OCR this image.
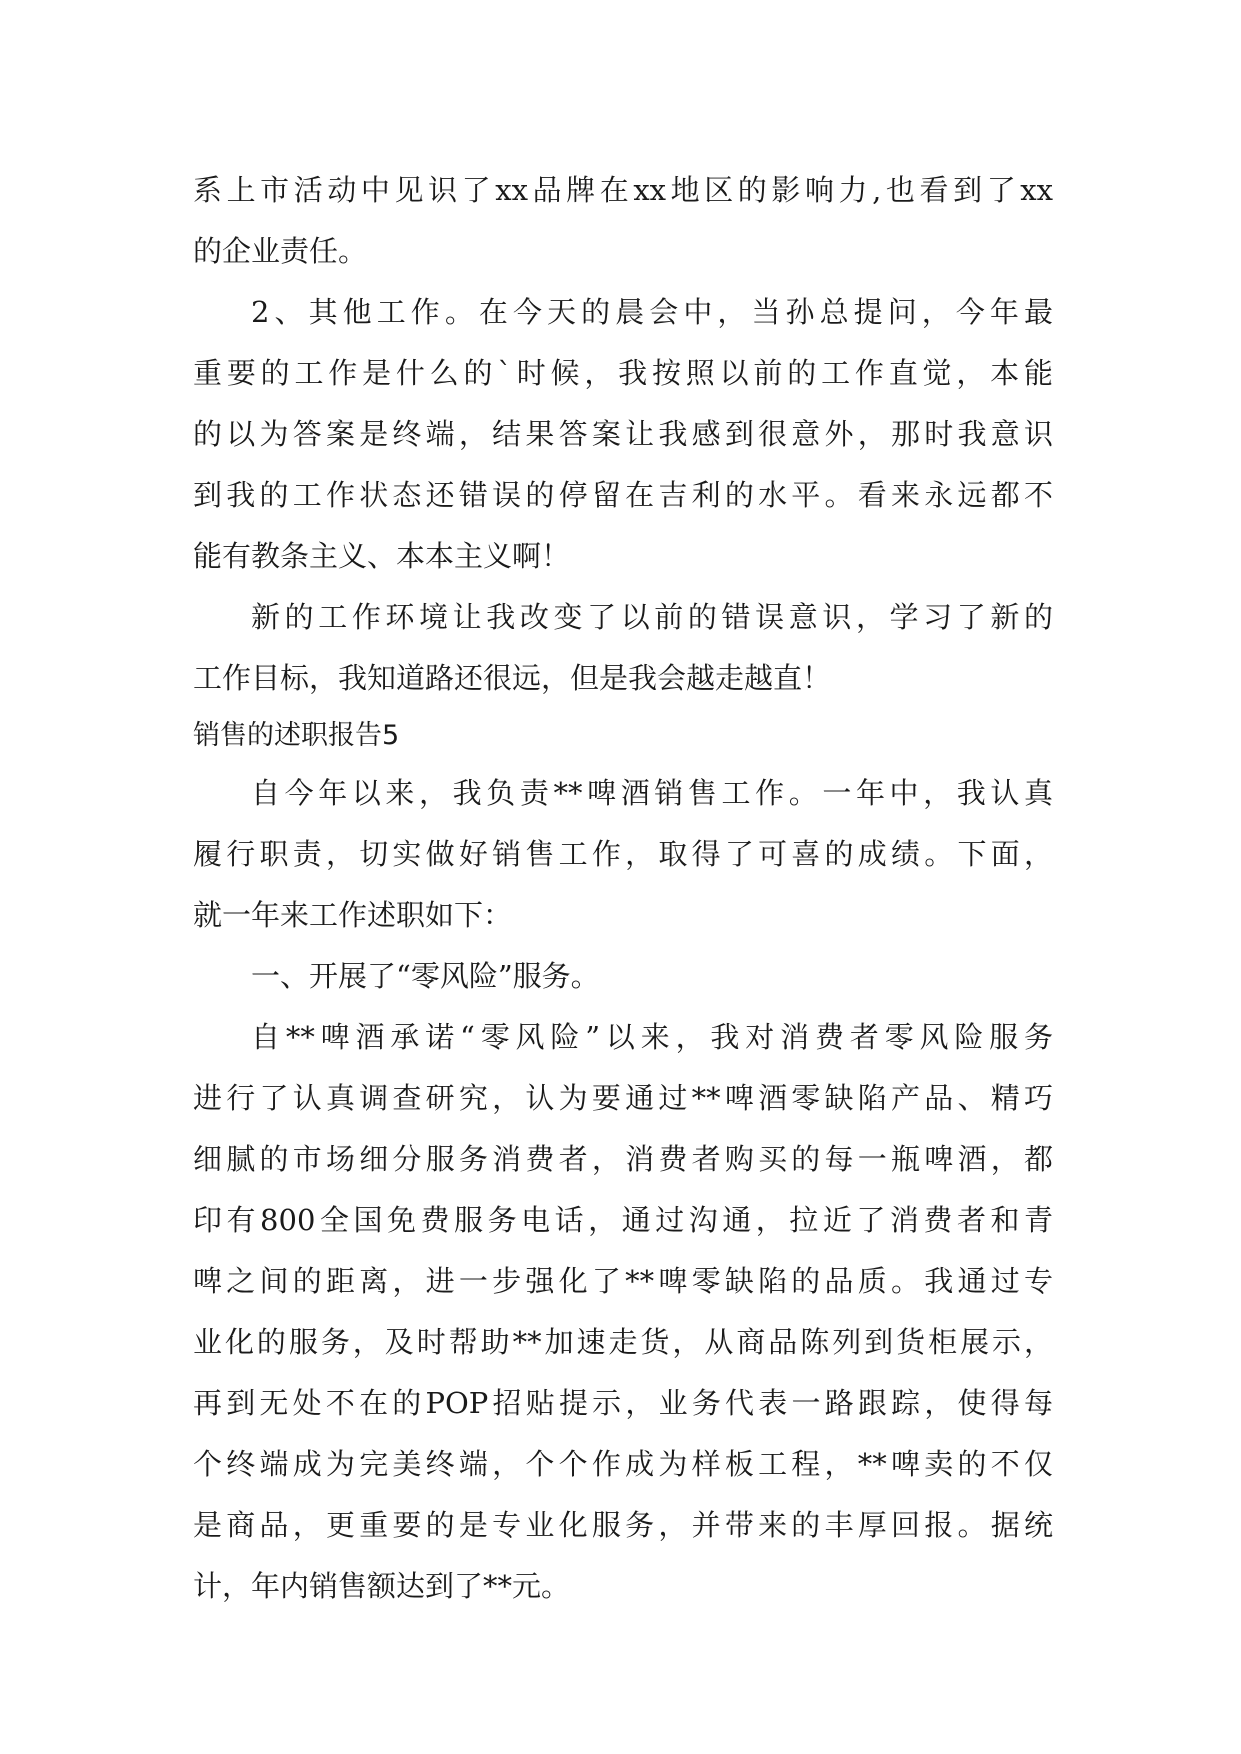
系上市活动中见识了xx品牌在xx地区的影响力,也看到了xx
的企业责任。
2、其他工作。在今天的晨会中，当孙总提问，今年最
重要的工作是什么的`时候，我按照以前的工作直觉，本能
的以为答案是终端，结果答案让我感到很意外，那时我意识
到我的工作状态还错误的停留在吉利的水平。看来永远都不
能有教条主义、本本主义啊！
新的工作环境让我改变了以前的错误意识，学习了新的
工作目标，我知道路还很远，但是我会越走越直！
销售的述职报告5
自今年以来，我负责**啤酒销售工作。一年中，我认真
履行职责，切实做好销售工作，取得了可喜的成绩。下面，
就一年来工作述职如下：
一、开展了“零风险”服务。
自**啤酒承诺“零风险”以来，我对消费者零风险服务
进行了认真调查研究，认为要通过**啤酒零缺陷产品、精巧
细腻的市场细分服务消费者，消费者购买的每一瓶啤酒，都
印有800全国免费服务电话，通过沟通，拉近了消费者和青
啤之间的距离，进一步强化了**啤零缺陷的品质。我通过专
业化的服务，及时帮助**加速走货，从商品陈列到货柜展示，
再到无处不在的POP招贴提示，业务代表一路跟踪，使得每
个终端成为完美终端，个个作成为样板工程，**啤卖的不仅
是商品，更重要的是专业化服务，并带来的丰厚回报。据统
计，年内销售额达到了**元。
